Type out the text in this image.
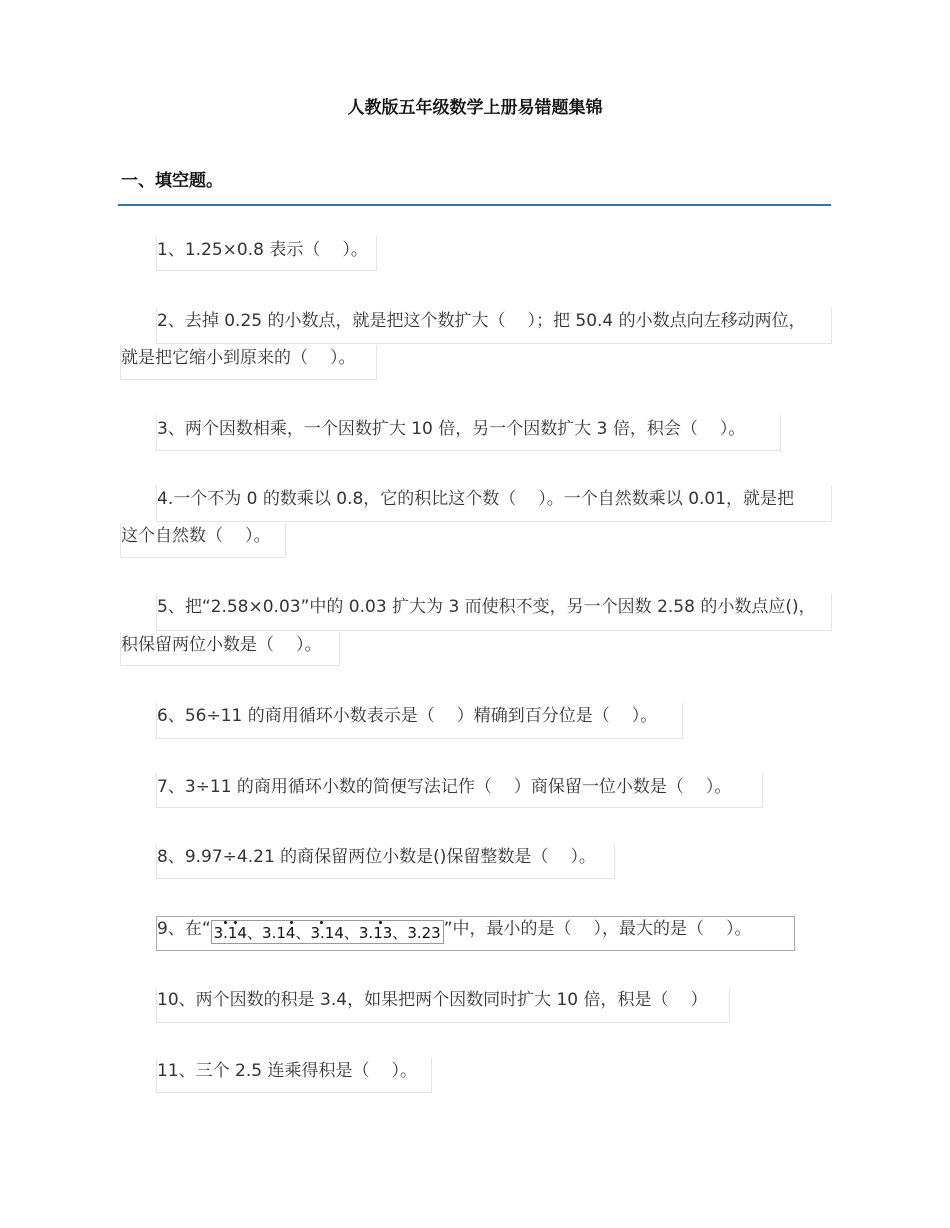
人教版五年级数学上册易错题集锦
一、填空题。
1、1.25×0.8 表示（ ）。
2、去掉 0.25 的小数点，就是把这个数扩大（ ）；把 50.4 的小数点向左移动两位，
就是把它缩小到原来的（ ）。
3、两个因数相乘，一个因数扩大 10 倍，另一个因数扩大 3 倍，积会（ ）。
4.一个不为 0 的数乘以 0.8，它的积比这个数（ ）。一个自然数乘以 0.01，就是把
这个自然数（ ）。
5、把“2.58×0.03”中的 0.03 扩大为 3 而使积不变，另一个因数 2.58 的小数点应()，
积保留两位小数是（ ）。
6、56÷11 的商用循环小数表示是（ ）精确到百分位是（ ）。
7、3÷11 的商用循环小数的简便写法记作（ ）商保留一位小数是（ ）。
8、9.97÷4.21 的商保留两位小数是()保留整数是（ ）。
9、在“ 3.14
、3.14
、3.14
、3.13
、3.23 ”中，最小的是（ ），最大的是（ ）。
10、两个因数的积是 3.4，如果把两个因数同时扩大 10 倍，积是（ ）
11、三个 2.5 连乘得积是（ ）。
